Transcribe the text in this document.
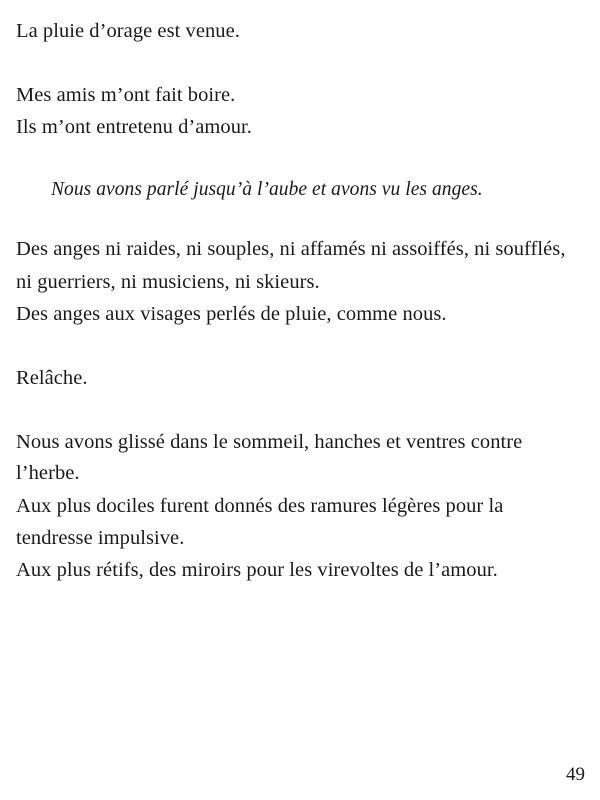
La pluie d’orage est venue.
Mes amis m’ont fait boire.
Ils m’ont entretenu d’amour.
Nous avons parlé jusqu’à l’aube et avons vu les anges.
Des anges ni raides, ni souples, ni affamés ni assoiffés, ni soufflés,
ni guerriers, ni musiciens, ni skieurs.
Des anges aux visages perlés de pluie, comme nous.
Relâche.
Nous avons glissé dans le sommeil, hanches et ventres contre
l’herbe.
Aux plus dociles furent donnés des ramures légères pour la
tendresse impulsive.
Aux plus rétifs, des miroirs pour les virevoltes de l’amour.
49
